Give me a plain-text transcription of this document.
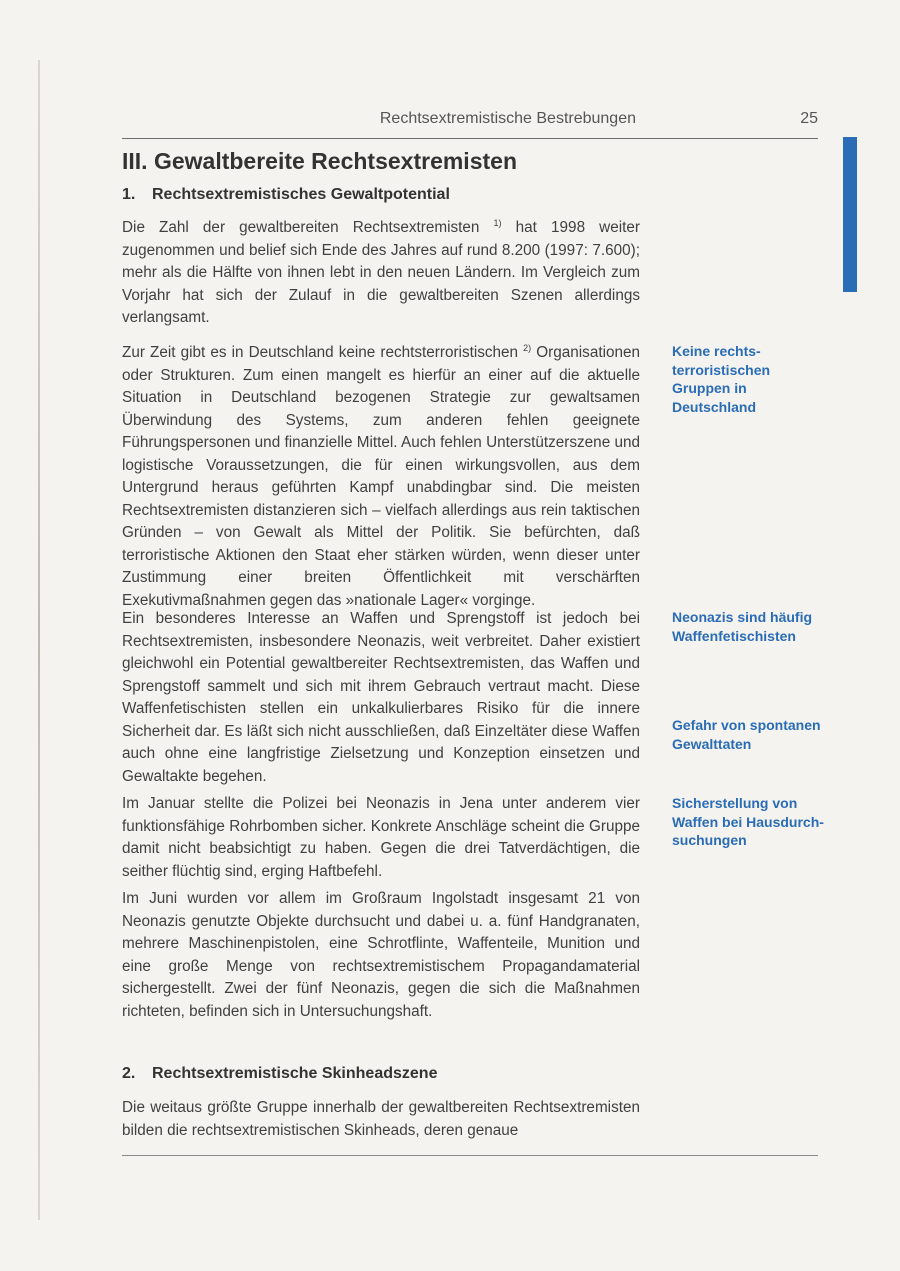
Rechtsextremistische Bestrebungen	25
III. Gewaltbereite Rechtsextremisten
1. Rechtsextremistisches Gewaltpotential

Die Zahl der gewaltbereiten Rechtsextremisten $^{1)}$ hat 1998 weiter zugenommen und belief sich Ende des Jahres auf rund 8.200 (1997: 7.600); mehr als die Hälfte von ihnen lebt in den neuen Ländern. Im Vergleich zum Vorjahr hat sich der Zulauf in die gewaltbereiten Szenen allerdings verlangsamt.

Zur Zeit gibt es in Deutschland keine rechtsterroristischen $^{2)}$ Organisationen oder Strukturen. Zum einen mangelt es hierfür an einer auf die aktuelle Situation in Deutschland bezogenen Strategie zur gewaltsamen Überwindung des Systems, zum anderen fehlen geeignete Führungspersonen und finanzielle Mittel. Auch fehlen Unterstützerszene und logistische Voraussetzungen, die für einen wirkungsvollen, aus dem Untergrund heraus geführten Kampf unabdingbar sind. Die meisten Rechtsextremisten distanzieren sich – vielfach allerdings aus rein taktischen Gründen – von Gewalt als Mittel der Politik. Sie befürchten, daß terroristische Aktionen den Staat eher stärken würden, wenn dieser unter Zustimmung einer breiten Öffentlichkeit mit verschärften Exekutivmaßnahmen gegen das »nationale Lager« vorginge.

Ein besonderes Interesse an Waffen und Sprengstoff ist jedoch bei Rechtsextremisten, insbesondere Neonazis, weit verbreitet. Daher existiert gleichwohl ein Potential gewaltbereiter Rechtsextremisten, das Waffen und Sprengstoff sammelt und sich mit ihrem Gebrauch vertraut macht. Diese Waffenfetischisten stellen ein unkalkulierbares Risiko für die innere Sicherheit dar. Es läßt sich nicht ausschließen, daß Einzeltäter diese Waffen auch ohne eine langfristige Zielsetzung und Konzeption einsetzen und Gewaltakte begehen.

Im Januar stellte die Polizei bei Neonazis in Jena unter anderem vier funktionsfähige Rohrbomben sicher. Konkrete Anschläge scheint die Gruppe damit nicht beabsichtigt zu haben. Gegen die drei Tatverdächtigen, die seither flüchtig sind, erging Haftbefehl.

Im Juni wurden vor allem im Großraum Ingolstadt insgesamt 21 von Neonazis genutzte Objekte durchsucht und dabei u. a. fünf Handgranaten, mehrere Maschinenpistolen, eine Schrotflinte, Waffenteile, Munition und eine große Menge von rechtsextremistischem Propagandamaterial sichergestellt. Zwei der fünf Neonazis, gegen die sich die Maßnahmen richteten, befinden sich in Untersuchungshaft.

Keine rechts-terroristischen Gruppen in Deutschland
Neonazis sind häufig Waffenfetischisten
Gefahr von spontanen Gewalttaten
Sicherstellung von Waffen bei Hausdurch-suchungen
2. Rechtsextremistische Skinheadszene

Die weitaus größte Gruppe innerhalb der gewaltbereiten Rechtsextremisten bilden die rechtsextremistischen Skinheads, deren genaue
